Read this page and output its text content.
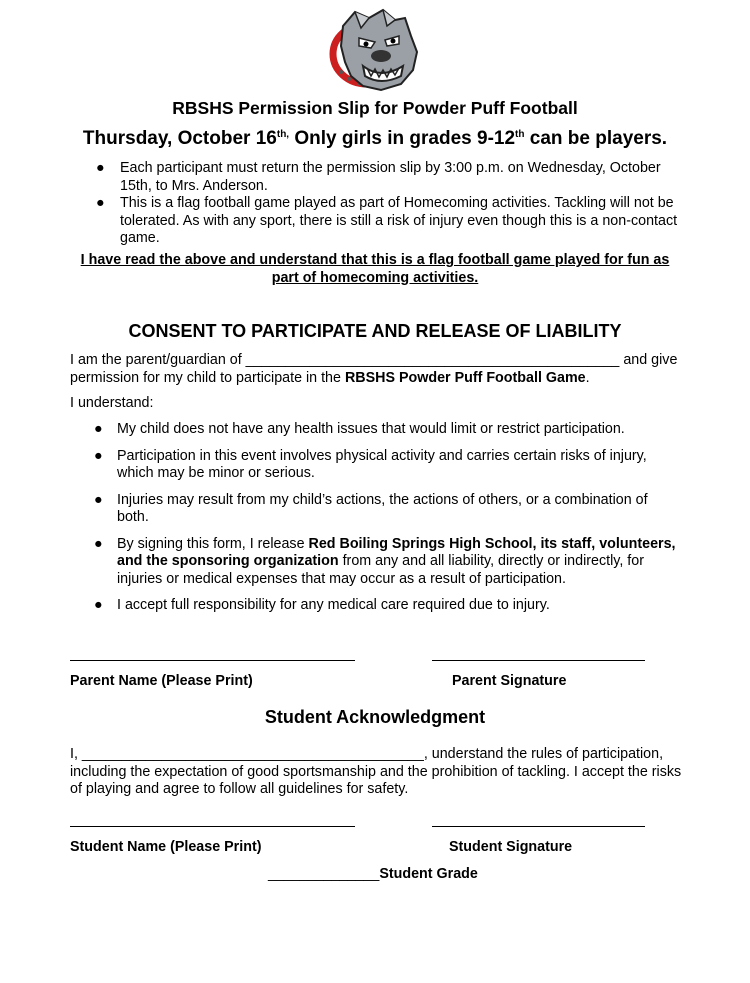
RBSHS Permission Slip for Powder Puff Football
Thursday, October $16^{th,}$ Only girls in grades 9-12th can be players.
● Each participant must return the permission slip by 3:00 p.m. on Wednesday, October 15th, to Mrs. Anderson.
● This is a flag football game played as part of Homecoming activities. Tackling will not be tolerated. As with any sport, there is still a risk of injury even though this is a non-contact game.
I have read the above and understand that this is a flag football game played for fun as part of homecoming activities.
CONSENT TO PARTICIPATE AND RELEASE OF LIABILITY
I am the parent/guardian of _______________________________________________ and give permission for my child to participate in the RBSHS Powder Puff Football Game.
I understand:
● My child does not have any health issues that would limit or restrict participation.
● Participation in this event involves physical activity and carries certain risks of injury, which may be minor or serious.
● Injuries may result from my child’s actions, the actions of others, or a combination of both.
● By signing this form, I release Red Boiling Springs High School, its staff, volunteers, and the sponsoring organization from any and all liability, directly or indirectly, for injuries or medical expenses that may occur as a result of participation.
● I accept full responsibility for any medical care required due to injury.
Parent Name (Please Print)	Parent Signature
Student Acknowledgment
I, ___________________________________________, understand the rules of participation, including the expectation of good sportsmanship and the prohibition of tackling. I accept the risks of playing and agree to follow all guidelines for safety.
Student Name (Please Print)	Student Signature
______________Student Grade
